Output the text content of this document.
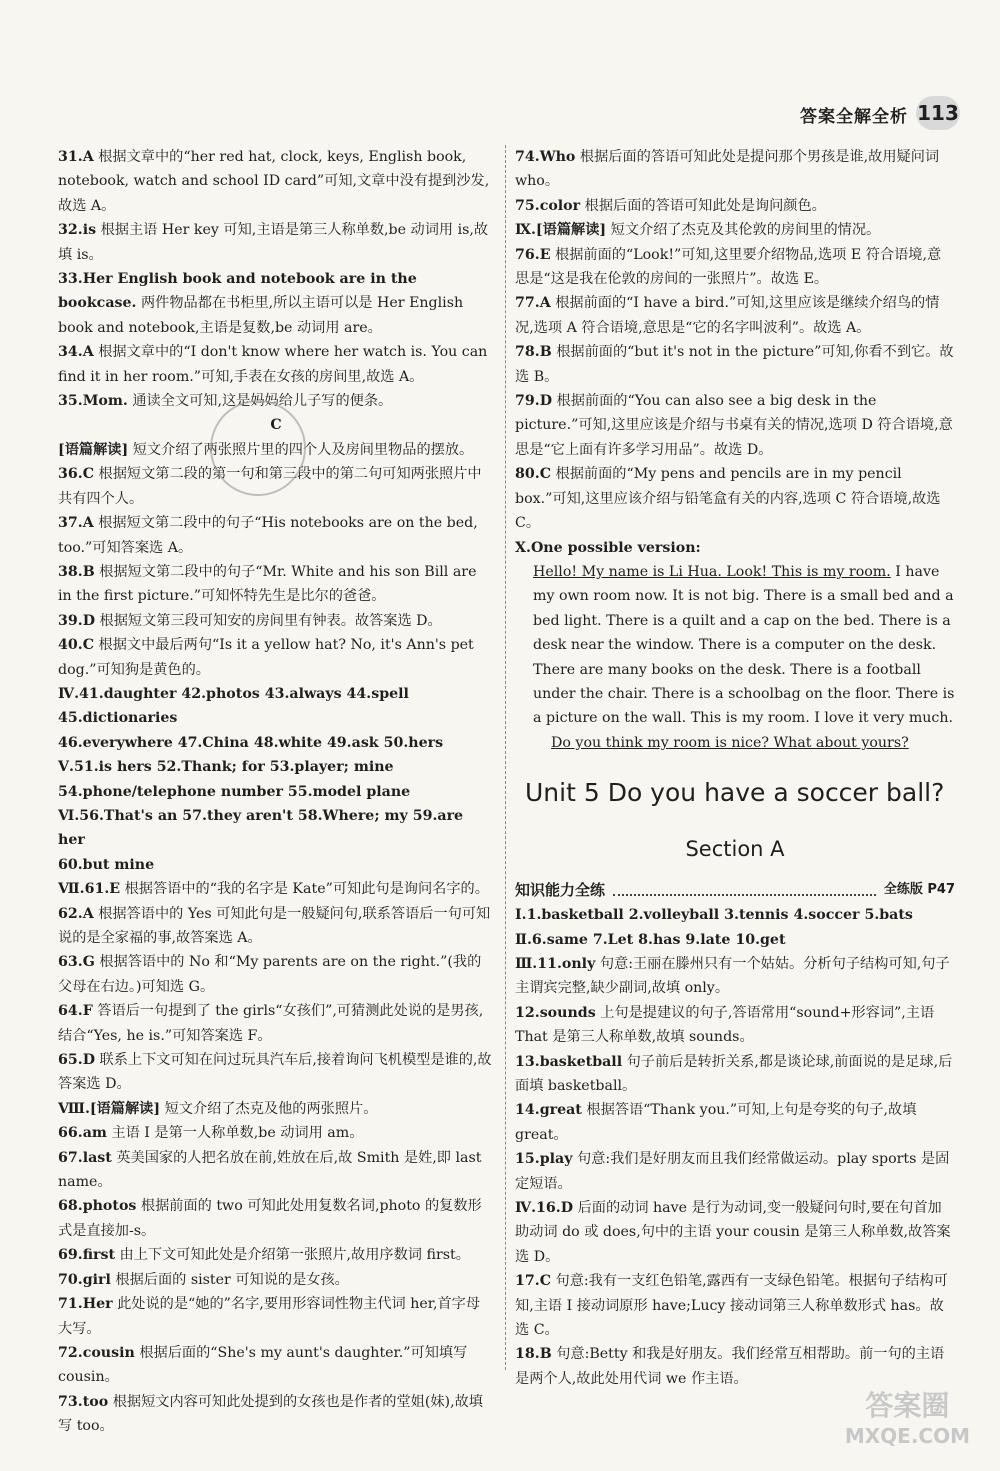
答案全解全析 113

31.A 根据文章中的“her red hat, clock, keys, English book, notebook, watch and school ID card”可知,文章中没有提到沙发,故选 A。

32.is 根据主语 Her key 可知,主语是第三人称单数,be 动词用 is,故填 is。

33.Her English book and notebook are in the bookcase. 两件物品都在书柜里,所以主语可以是 Her English book and notebook,主语是复数,be 动词用 are。

34.A 根据文章中的“I don't know where her watch is. You can find it in her room.”可知,手表在女孩的房间里,故选 A。

35.Mom. 通读全文可知,这是妈妈给儿子写的便条。

C

[语篇解读] 短文介绍了两张照片里的四个人及房间里物品的摆放。

36.C 根据短文第二段的第一句和第三段中的第二句可知两张照片中共有四个人。

37.A 根据短文第二段中的句子“His notebooks are on the bed, too.”可知答案选 A。

38.B 根据短文第二段中的句子“Mr. White and his son Bill are in the first picture.”可知怀特先生是比尔的爸爸。

39.D 根据短文第三段可知安的房间里有钟表。故答案选 D。

40.C 根据文中最后两句“Is it a yellow hat? No, it's Ann's pet dog.”可知狗是黄色的。

Ⅳ.41.daughter 42.photos 43.always 44.spell 45.dictionaries

46.everywhere 47.China 48.white 49.ask 50.hers

Ⅴ.51.is hers 52.Thank; for 53.player; mine 54.phone/telephone number 55.model plane

Ⅵ.56.That's an 57.they aren't 58.Where; my 59.are her

60.but mine

Ⅶ.61.E 根据答语中的“我的名字是 Kate”可知此句是询问名字的。

62.A 根据答语中的 Yes 可知此句是一般疑问句,联系答语后一句可知说的是全家福的事,故答案选 A。

63.G 根据答语中的 No 和“My parents are on the right.”(我的父母在右边。)可知选 G。

64.F 答语后一句提到了 the girls“女孩们”,可猜测此处说的是男孩,结合“Yes, he is.”可知答案选 F。

65.D 联系上下文可知在问过玩具汽车后,接着询问飞机模型是谁的,故答案选 D。

Ⅷ.[语篇解读] 短文介绍了杰克及他的两张照片。

66.am 主语 I 是第一人称单数,be 动词用 am。

67.last 英美国家的人把名放在前,姓放在后,故 Smith 是姓,即 last name。

68.photos 根据前面的 two 可知此处用复数名词,photo 的复数形式是直接加-s。

69.first 由上下文可知此处是介绍第一张照片,故用序数词 first。

70.girl 根据后面的 sister 可知说的是女孩。

71.Her 此处说的是“她的”名字,要用形容词性物主代词 her,首字母大写。

72.cousin 根据后面的“She's my aunt's daughter.”可知填写 cousin。

73.too 根据短文内容可知此处提到的女孩也是作者的堂姐(妹),故填写 too。

74.Who 根据后面的答语可知此处是提问那个男孩是谁,故用疑问词 who。

75.color 根据后面的答语可知此处是询问颜色。

Ⅸ.[语篇解读] 短文介绍了杰克及其伦敦的房间里的情况。

76.E 根据前面的“Look!”可知,这里要介绍物品,选项 E 符合语境,意思是“这是我在伦敦的房间的一张照片”。故选 E。

77.A 根据前面的“I have a bird.”可知,这里应该是继续介绍鸟的情况,选项 A 符合语境,意思是“它的名字叫波利”。故选 A。

78.B 根据前面的“but it's not in the picture”可知,你看不到它。故选 B。

79.D 根据前面的“You can also see a big desk in the picture.”可知,这里应该是介绍与书桌有关的情况,选项 D 符合语境,意思是“它上面有许多学习用品”。故选 D。

80.C 根据前面的“My pens and pencils are in my pencil box.”可知,这里应该介绍与铅笔盒有关的内容,选项 C 符合语境,故选 C。

Ⅹ.One possible version:

Hello! My name is Li Hua. Look! This is my room. I have my own room now. It is not big. There is a small bed and a bed light. There is a quilt and a cap on the bed. There is a desk near the window. There is a computer on the desk. There are many books on the desk. There is a football under the chair. There is a schoolbag on the floor. There is a picture on the wall. This is my room. I love it very much.

Do you think my room is nice? What about yours?

Unit 5 Do you have a soccer ball?
Section A
知识能力全练	全练版 P47

Ⅰ.1.basketball 2.volleyball 3.tennis 4.soccer 5.bats

Ⅱ.6.same 7.Let 8.has 9.late 10.get

Ⅲ.11.only 句意:王丽在滕州只有一个姑姑。分析句子结构可知,句子主谓宾完整,缺少副词,故填 only。

12.sounds 上句是提建议的句子,答语常用“sound+形容词”,主语 That 是第三人称单数,故填 sounds。

13.basketball 句子前后是转折关系,都是谈论球,前面说的是足球,后面填 basketball。

14.great 根据答语“Thank you.”可知,上句是夸奖的句子,故填 great。

15.play 句意:我们是好朋友而且我们经常做运动。play sports 是固定短语。

Ⅳ.16.D 后面的动词 have 是行为动词,变一般疑问句时,要在句首加助动词 do 或 does,句中的主语 your cousin 是第三人称单数,故答案选 D。

17.C 句意:我有一支红色铅笔,露西有一支绿色铅笔。根据句子结构可知,主语 I 接动词原形 have;Lucy 接动词第三人称单数形式 has。故选 C。

18.B 句意:Betty 和我是好朋友。我们经常互相帮助。前一句的主语是两个人,故此处用代词 we 作主语。

答案圈
MXQE.COM
